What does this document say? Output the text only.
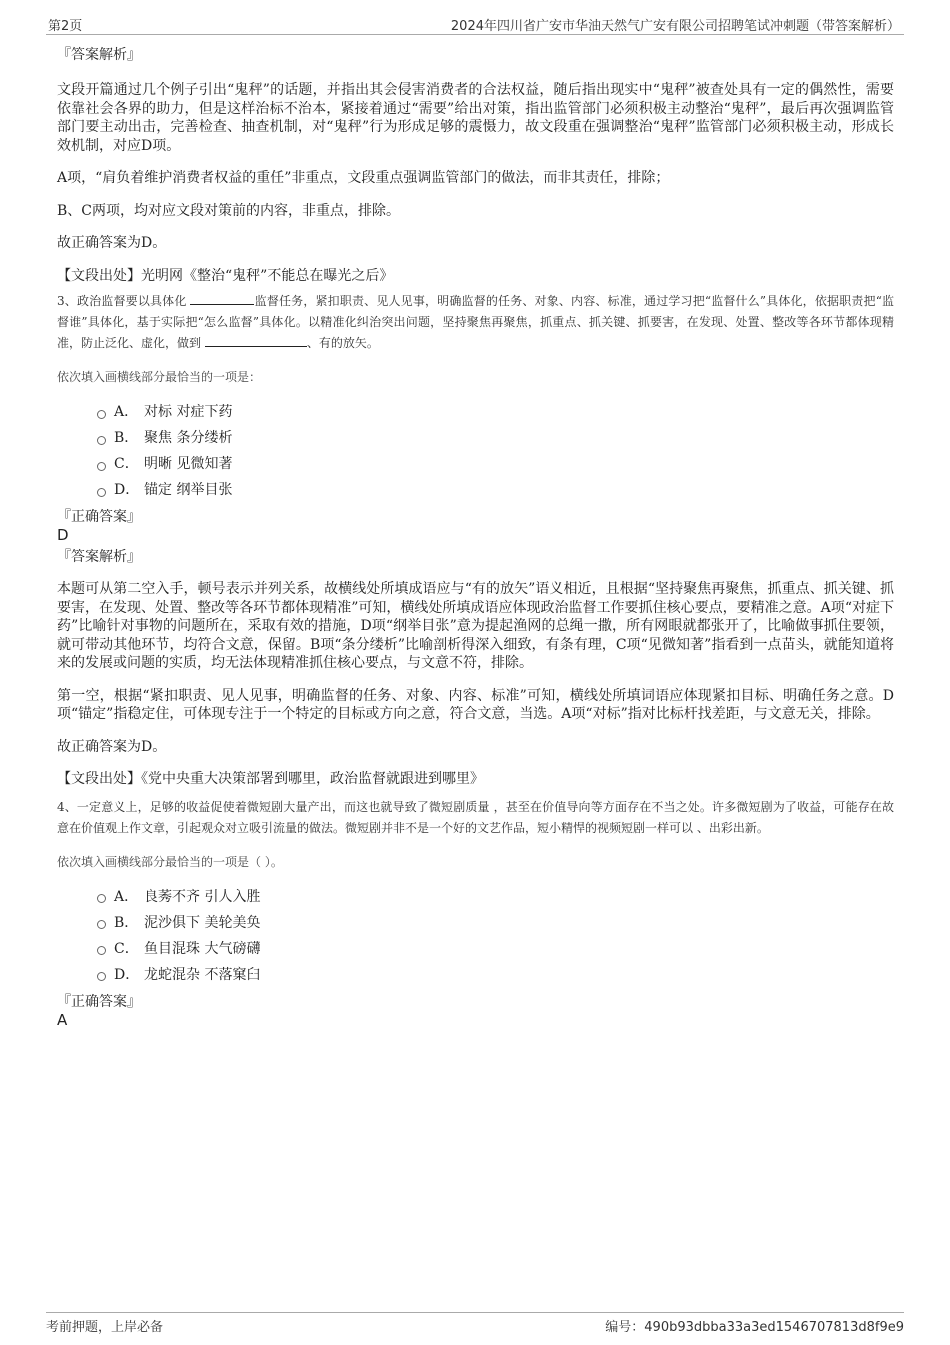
第2页	2024年四川省广安市华油天然气广安有限公司招聘笔试冲刺题（带答案解析）

『答案解析』

文段开篇通过几个例子引出“鬼秤”的话题，并指出其会侵害消费者的合法权益，随后指出现实中“鬼秤”被查处具有一定的偶然性，需要依靠社会各界的助力，但是这样治标不治本，紧接着通过“需要”给出对策，指出监管部门必须积极主动整治“鬼秤”，最后再次强调监管部门要主动出击，完善检查、抽查机制，对“鬼秤”行为形成足够的震慑力，故文段重在强调整治“鬼秤”监管部门必须积极主动，形成长效机制，对应D项。

A项，“肩负着维护消费者权益的重任”非重点，文段重点强调监管部门的做法，而非其责任，排除；

B、C两项，均对应文段对策前的内容，非重点，排除。

故正确答案为D。

【文段出处】光明网《整治“鬼秤”不能总在曝光之后》

3、政治监督要以具体化	监督任务，紧扣职责、见人见事，明确监督的任务、对象、内容、标准，通过学习把“监督什么”具体化，依据职责把“监督谁”具体化，基于实际把“怎么监督”具体化。以精准化纠治突出问题，坚持聚焦再聚焦，抓重点、抓关键、抓要害，在发现、处置、整改等各环节都体现精准，防止泛化、虚化，做到	、有的放矢。

依次填入画横线部分最恰当的一项是：

A． 对标 对症下药
B． 聚焦 条分缕析
C． 明晰 见微知著
D． 锚定 纲举目张

『正确答案』

D

『答案解析』

本题可从第二空入手，顿号表示并列关系，故横线处所填成语应与“有的放矢”语义相近，且根据“坚持聚焦再聚焦，抓重点、抓关键、抓要害，在发现、处置、整改等各环节都体现精准”可知，横线处所填成语应体现政治监督工作要抓住核心要点，要精准之意。A项“对症下药”比喻针对事物的问题所在，采取有效的措施，D项“纲举目张”意为提起渔网的总绳一撒，所有网眼就都张开了，比喻做事抓住要领，就可带动其他环节，均符合文意，保留。B项“条分缕析”比喻剖析得深入细致，有条有理，C项“见微知著”指看到一点苗头，就能知道将来的发展或问题的实质，均无法体现精准抓住核心要点，与文意不符，排除。

第一空，根据“紧扣职责、见人见事，明确监督的任务、对象、内容、标准”可知，横线处所填词语应体现紧扣目标、明确任务之意。D项“锚定”指稳定住，可体现专注于一个特定的目标或方向之意，符合文意，当选。A项“对标”指对比标杆找差距，与文意无关，排除。

故正确答案为D。

【文段出处】《党中央重大决策部署到哪里，政治监督就跟进到哪里》

4、一定意义上，足够的收益促使着微短剧大量产出，而这也就导致了微短剧质量 ，甚至在价值导向等方面存在不当之处。许多微短剧为了收益，可能存在故意在价值观上作文章，引起观众对立吸引流量的做法。微短剧并非不是一个好的文艺作品，短小精悍的视频短剧一样可以 、出彩出新。

依次填入画横线部分最恰当的一项是（ ）。

A． 良莠不齐 引人入胜
B． 泥沙俱下 美轮美奂
C． 鱼目混珠 大气磅礴
D． 龙蛇混杂 不落窠臼

『正确答案』

A

考前押题，上岸必备	编号：490b93dbba33a3ed1546707813d8f9e9
